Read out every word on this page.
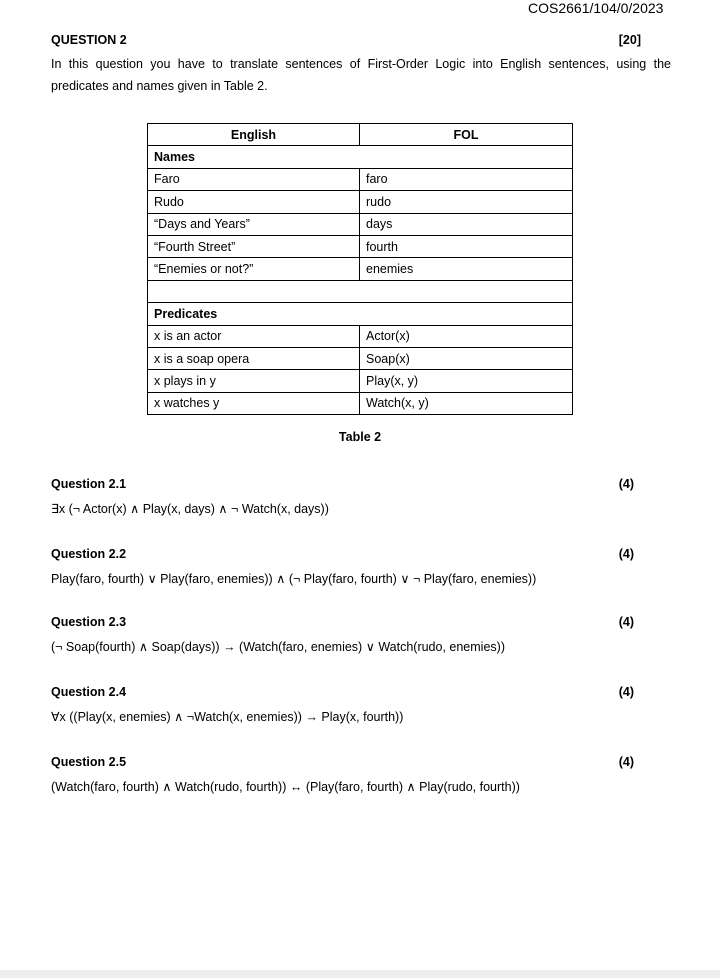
COS2661/104/0/2023
QUESTION 2	[20]
In this question you have to translate sentences of First-Order Logic into English sentences, using the predicates and names given in Table 2.
English	FOL
Names	
Faro	faro
Rudo	rudo
“Days and Years”	days
“Fourth Street”	fourth
“Enemies or not?”	enemies

Predicates	
x is an actor	Actor(x)
x is a soap opera	Soap(x)
x plays in y	Play(x, y)
x watches y	Watch(x, y)
Table 2
Question 2.1	(4)
∃x (¬ Actor(x) ∧ Play(x, days) ∧ ¬ Watch(x, days))
Question 2.2	(4)
Play(faro, fourth) ∨ Play(faro, enemies)) ∧ (¬ Play(faro, fourth) ∨ ¬ Play(faro, enemies))
Question 2.3	(4)
(¬ Soap(fourth) ∧ Soap(days)) → (Watch(faro, enemies) ∨ Watch(rudo, enemies))
Question 2.4	(4)
∀x ((Play(x, enemies) ∧ ¬Watch(x, enemies)) → Play(x, fourth))
Question 2.5	(4)
(Watch(faro, fourth) ∧ Watch(rudo, fourth)) ↔ (Play(faro, fourth) ∧ Play(rudo, fourth))
